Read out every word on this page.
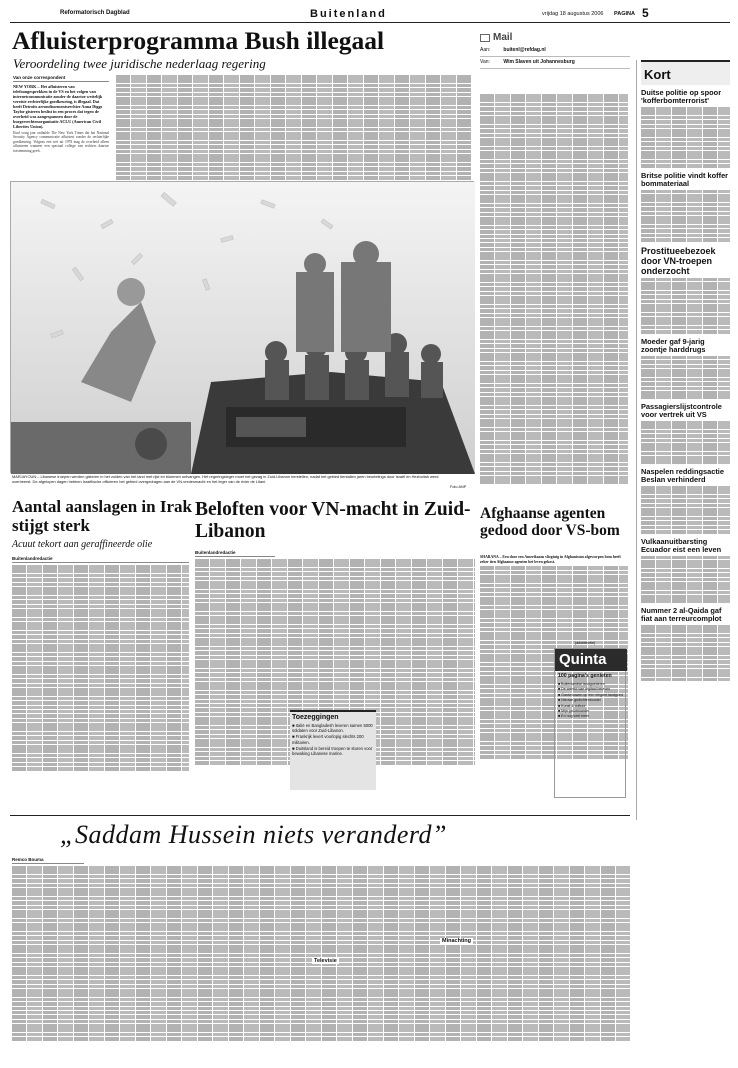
Reformatorisch Dagblad	Buitenland	vrijdag 18 augustus 2006 PAGINA 5
Afluisterprogramma Bush illegaal
Veroordeling twee juridische nederlaag regering
Van onze correspondent
NEW YORK – Het afluisteren van telefoongesprekken in de VS en het volgen van internetcommunicatie zonder de daartoe wettelijk vereiste rechterlijke goedkeuring, is illegaal. Dat heeft Detroits arrondissementsrechter Anna Diggs Taylor gisteren beslist in een proces dat tegen de overheid was aangespannen door de burgerrechtenorganisatie ACLU (American Civil Liberties Union).
Eind vorig jaar onthulde The New York Times dat het National Security Agency communicatie afluistert zonder de rechterlijke goedkeuring. Volgens een wet uit 1978 mag de overheid alleen afluisteren wanneer een speciaal college van rechters daartoe toestemming geeft.
MARJAYOUN – Libanese troepen werden gisteren in het zuiden van het land met rijst en bloemen ontvangen. Het regeringsleger moet het gezag in Zuid-Libanon herstellen, nadat het gebied tientallen jaren beurtelings door Israël en Hezbollah werd overheerst. De afgelopen dagen hebben Israëlische officieren het gebied overgedragen aan de VN-vredesmacht en het leger van de rivier de Litani.
Foto ANP
Mail
Aan:	buitenl@refdag.nl
Van:	Wim Slaven uit Johannesburg
Afghaanse agenten gedood door VS-bom
SHARANA – Een door een Amerikaans vliegtuig in Afghanistan afgeworpen bom heeft zeker tien Afghaanse agenten het leven gekost.
(advertentie)
Quinta
100 pagina's genieten
■ Buitenlandse landgoederen
■ De wereld van digitaal beleven
■ Gastvrouwen op een elegant landgoed
■ Nieuwe gedichtenbundel
■ Kunst & cultuur
■ Mijn grootmoeder
■ En nog veel meer
Kort
Duitse politie op spoor 'kofferbomterrorist'
Britse politie vindt koffer bommateriaal
Prostitueebezoek door VN-troepen onderzocht
Moeder gaf 9-jarig zoontje harddrugs
Passagierslijstcontrole voor vertrek uit VS
Naspelen reddingsactie Beslan verhinderd
Vulkaanuitbarsting Ecuador eist een leven
Nummer 2 al-Qaida gaf fiat aan terreurcomplot
Aantal aanslagen in Irak stijgt sterk
Acuut tekort aan geraffineerde olie
Buitenlandredactie
Beloften voor VN-macht in Zuid-Libanon
Buitenlandredactie
Toezeggingen
■ Italië en Bangladesh leveren samen 5000 soldaten voor Zuid-Libanon.
■ Frankrijk levert voorlopig slechts 200 militairen.
■ Duitsland is bereid troepen te sturen voor bewaking Libanese marine.
„Saddam Hussein niets veranderd”
Remco Bouma
Televisie
Minachting
